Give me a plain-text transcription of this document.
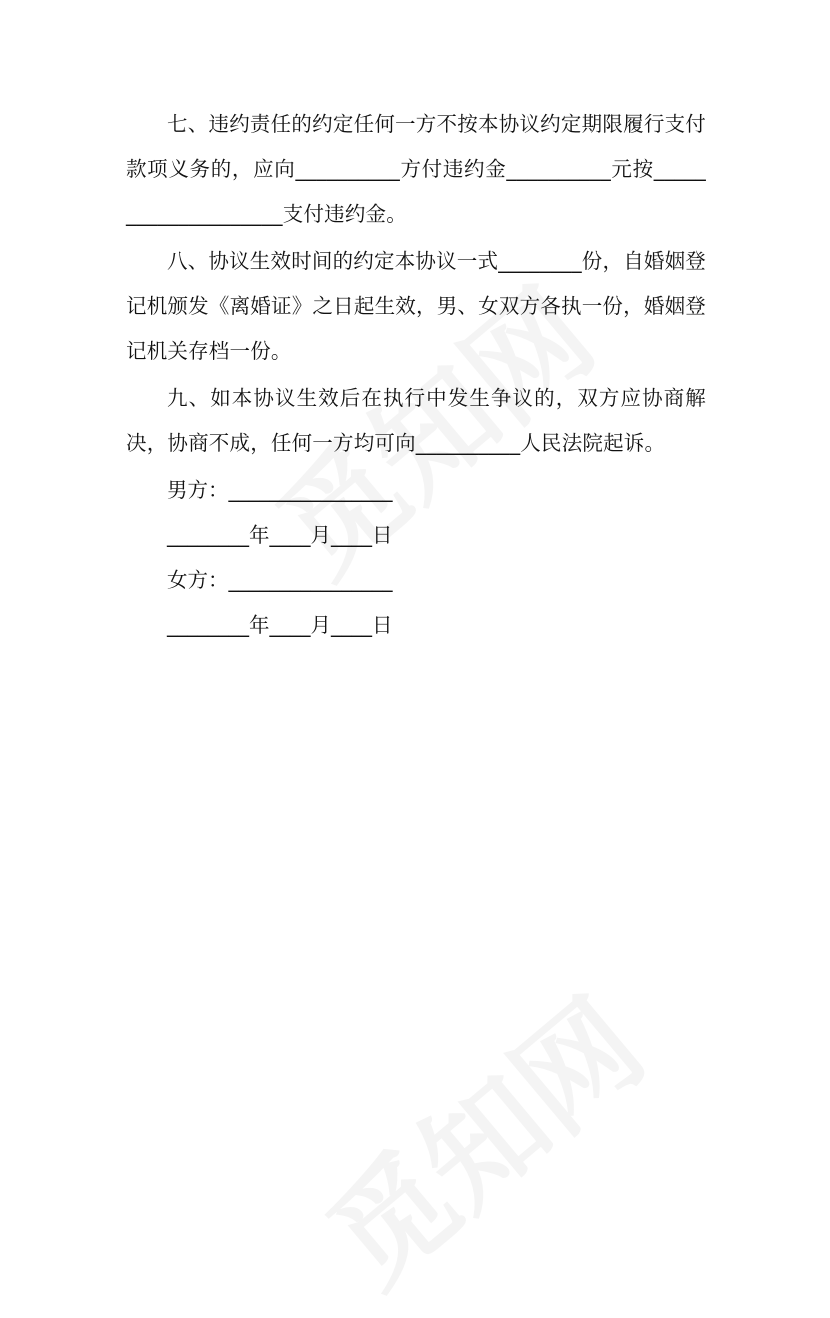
七、违约责任的约定任何一方不按本协议约定期限履行支付款项义务的，应向__________方付违约金__________元按____________________支付违约金。

八、协议生效时间的约定本协议一式________份，自婚姻登记机颁发《离婚证》之日起生效，男、女双方各执一份，婚姻登记机关存档一份。

九、如本协议生效后在执行中发生争议的，双方应协商解决，协商不成，任何一方均可向__________人民法院起诉。

男方：________________

________年____月____日

女方：________________

________年____月____日
